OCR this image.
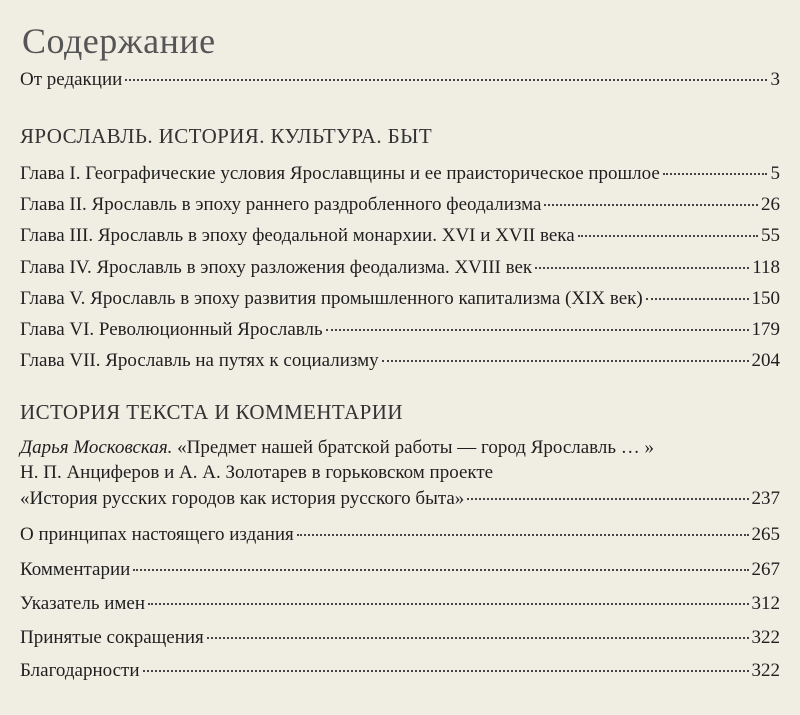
Содержание
От редакции	3
ЯРОСЛАВЛЬ. ИСТОРИЯ. КУЛЬТУРА. БЫТ
Глава I. Географические условия Ярославщины и ее праисторическое прошлое	5
Глава II. Ярославль в эпоху раннего раздробленного феодализма	26
Глава III. Ярославль в эпоху феодальной монархии. XVI и XVII века	55
Глава IV. Ярославль в эпоху разложения феодализма. XVIII век	118
Глава V. Ярославль в эпоху развития промышленного капитализма (XIX век)	150
Глава VI. Революционный Ярославль	179
Глава VII. Ярославль на путях к социализму	204
ИСТОРИЯ ТЕКСТА И КОММЕНТАРИИ
Дарья Московская. «Предмет нашей братской работы — город Ярославль … »
Н. П. Анциферов и А. А. Золотарев в горьковском проекте
«История русских городов как история русского быта»	237
О принципах настоящего издания	265
Комментарии	267
Указатель имен	312
Принятые сокращения	322
Благодарности	322
